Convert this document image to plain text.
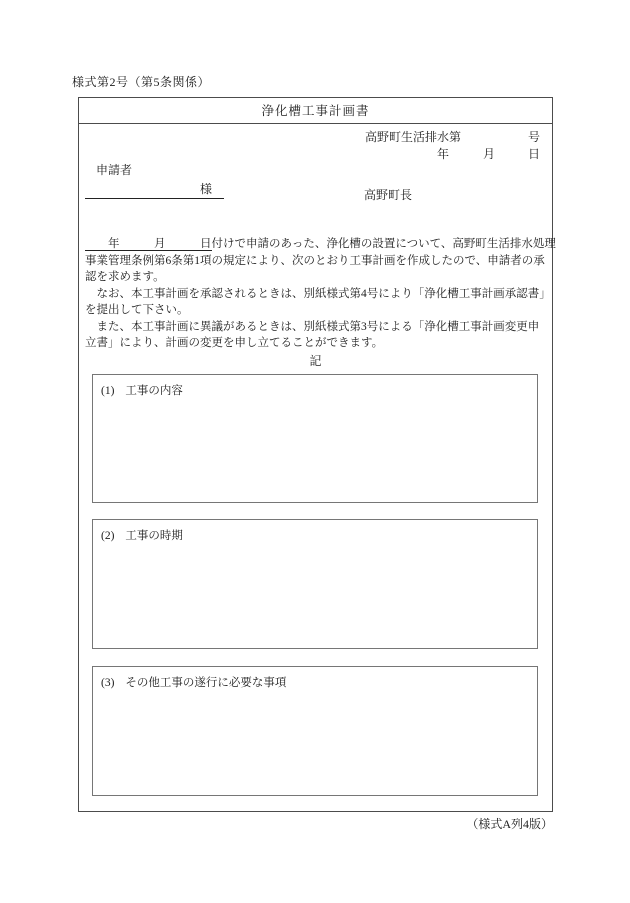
様式第2号（第5条関係）
浄化槽工事計画書
高野町生活排水第	号
年	月	日
申請者
様	高野町長
　　年　　　月　　　日付けで申請のあった、浄化槽の設置について、高野町生活排水処理
事業管理条例第6条第1項の規定により、次のとおり工事計画を作成したので、申請者の承
認を求めます。
　なお、本工事計画を承認されるときは、別紙様式第4号により「浄化槽工事計画承認書」
を提出して下さい。
　また、本工事計画に異議があるときは、別紙様式第3号による「浄化槽工事計画変更申
立書」により、計画の変更を申し立てることができます。
記
(1) 工事の内容
(2) 工事の時期
(3) その他工事の遂行に必要な事項
（様式A列4版）
